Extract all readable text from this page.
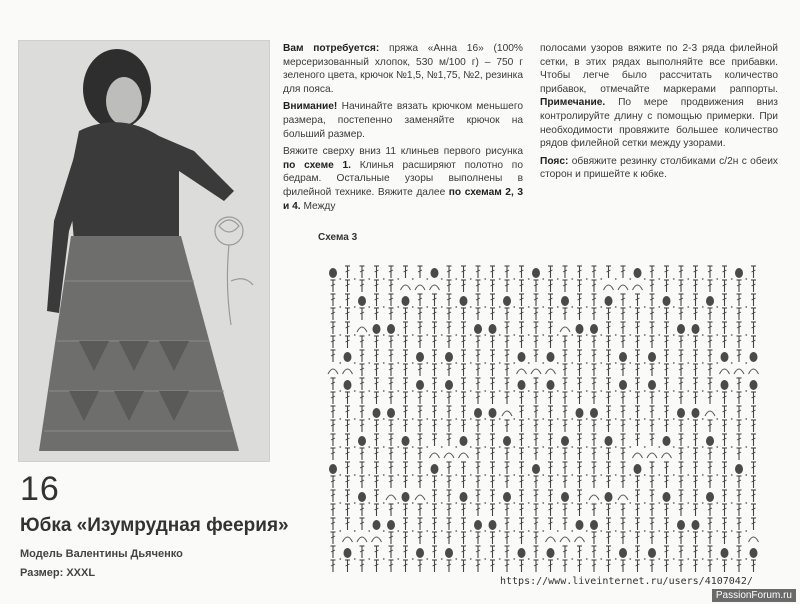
16
Юбка «Изумрудная феерия»
Модель Валентины Дьяченко
Размер: XXXL

Вам потребуется: пряжа «Анна 16» (100% мерсеризованный хлопок, 530 м/100 г) – 750 г зеленого цвета, крючок №1,5, №1,75, №2, резинка для пояса.

Внимание! Начинайте вязать крючком меньшего размера, постепенно заменяйте крючок на больший размер.

Вяжите сверху вниз 11 клиньев первого рисунка по схеме 1. Клинья расширяют полотно по бедрам. Остальные узоры выполнены в филейной технике. Вяжите далее по схемам 2, 3 и 4. Между

полосами узоров вяжите по 2-3 ряда филейной сетки, в этих рядах выполняйте все прибавки. Чтобы легче было рассчитать количество прибавок, отмечайте маркерами раппорты. Примечание. По мере продвижения вниз контролируйте длину с помощью примерки. При необходимости провяжите большее количество рядов филейной сетки между узорами.

Пояс: обвяжите резинку столбиками с/2н с обеих сторон и пришейте к юбке.

Схема 3
https://www.liveinternet.ru/users/4107042/
PassionForum.ru
